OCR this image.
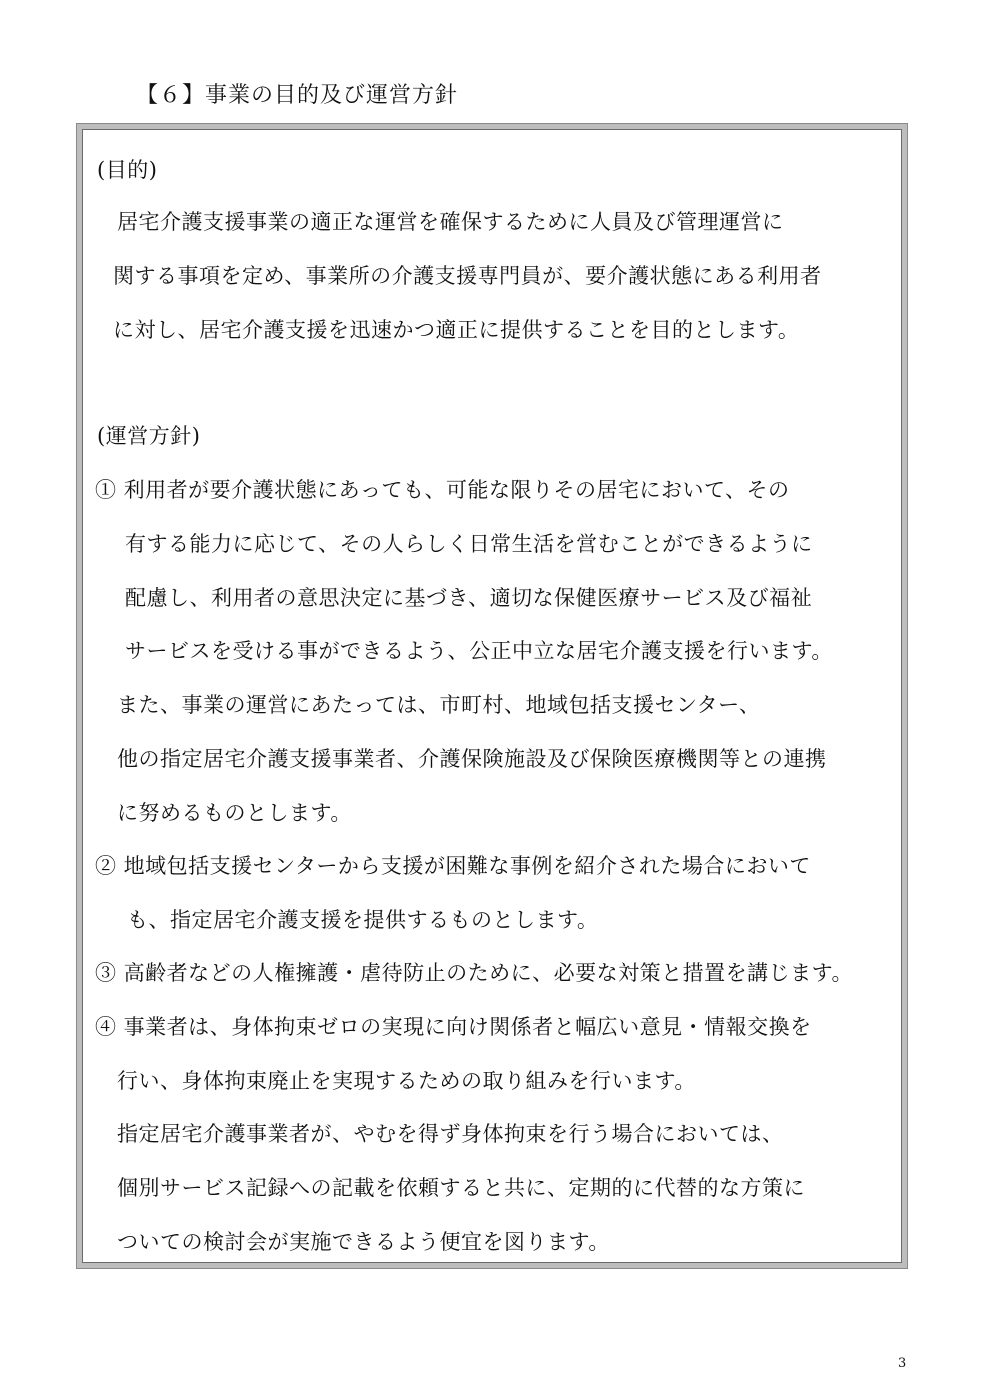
【６】事業の目的及び運営方針
(目的)
居宅介護支援事業の適正な運営を確保するために人員及び管理運営に
関する事項を定め、事業所の介護支援専門員が、要介護状態にある利用者
に対し、居宅介護支援を迅速かつ適正に提供することを目的とします。
(運営方針)
① 利用者が要介護状態にあっても、可能な限りその居宅において、その
有する能力に応じて、その人らしく日常生活を営むことができるように
配慮し、利用者の意思決定に基づき、適切な保健医療サービス及び福祉
サービスを受ける事ができるよう、公正中立な居宅介護支援を行います。
また、事業の運営にあたっては、市町村、地域包括支援センター、
他の指定居宅介護支援事業者、介護保険施設及び保険医療機関等との連携
に努めるものとします。
② 地域包括支援センターから支援が困難な事例を紹介された場合において
も、指定居宅介護支援を提供するものとします。
③ 高齢者などの人権擁護・虐待防止のために、必要な対策と措置を講じます。
④ 事業者は、身体拘束ゼロの実現に向け関係者と幅広い意見・情報交換を
行い、身体拘束廃止を実現するための取り組みを行います。
指定居宅介護事業者が、やむを得ず身体拘束を行う場合においては、
個別サービス記録への記載を依頼すると共に、定期的に代替的な方策に
ついての検討会が実施できるよう便宜を図ります。
3
